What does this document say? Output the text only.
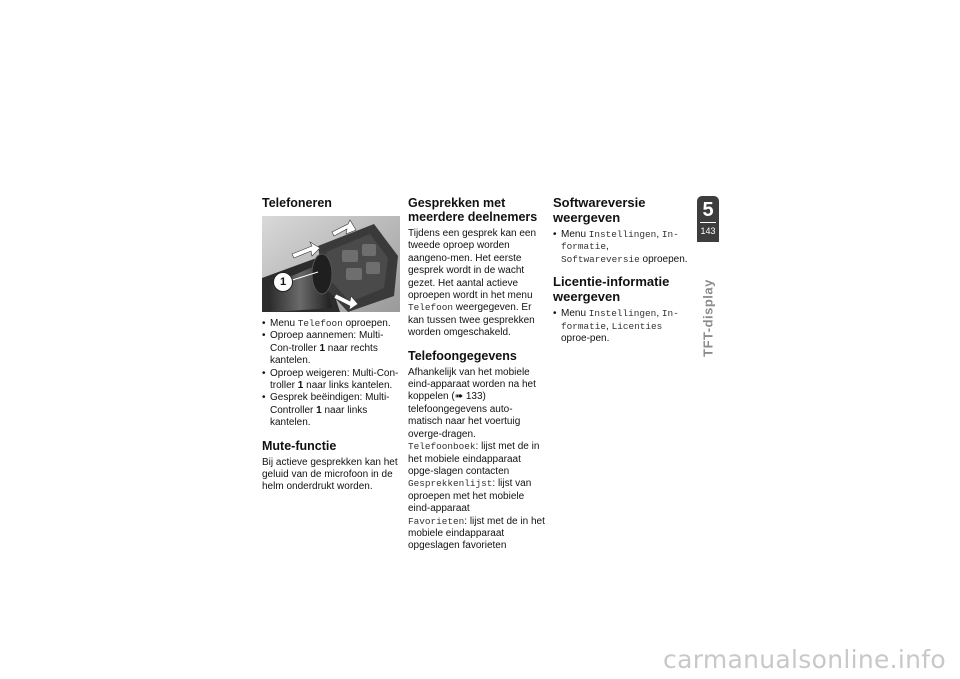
Telefoneren
1
• Menu Telefoon oproepen.
• Oproep aannemen: Multi-Con-troller 1 naar rechts kantelen.
• Oproep weigeren: Multi-Con-troller 1 naar links kantelen.
• Gesprek beëindigen: Multi-Controller 1 naar links kantelen.
Mute-functie

Bij actieve gesprekken kan het geluid van de microfoon in de helm onderdrukt worden.

Gesprekken met meerdere deelnemers

Tijdens een gesprek kan een tweede oproep worden aangeno-men. Het eerste gesprek wordt in de wacht gezet. Het aantal actieve oproepen wordt in het menu Telefoon weergegeven. Er kan tussen twee gesprekken worden omgeschakeld.

Telefoongegevens

Afhankelijk van het mobiele eind-apparaat worden na het koppelen (➠ 133) telefoongegevens auto-matisch naar het voertuig overge-dragen.

Telefoonboek: lijst met de in het mobiele eindapparaat opge-slagen contacten

Gesprekkenlijst: lijst van oproepen met het mobiele eind-apparaat

Favorieten: lijst met de in het mobiele eindapparaat opgeslagen favorieten

Softwareversie weergeven
• Menu Instellingen, In-formatie, Softwareversie oproepen.
Licentie-informatie weergeven
• Menu Instellingen, In-formatie, Licenties oproe-pen.
5
143
TFT-display
carmanualsonline.info
